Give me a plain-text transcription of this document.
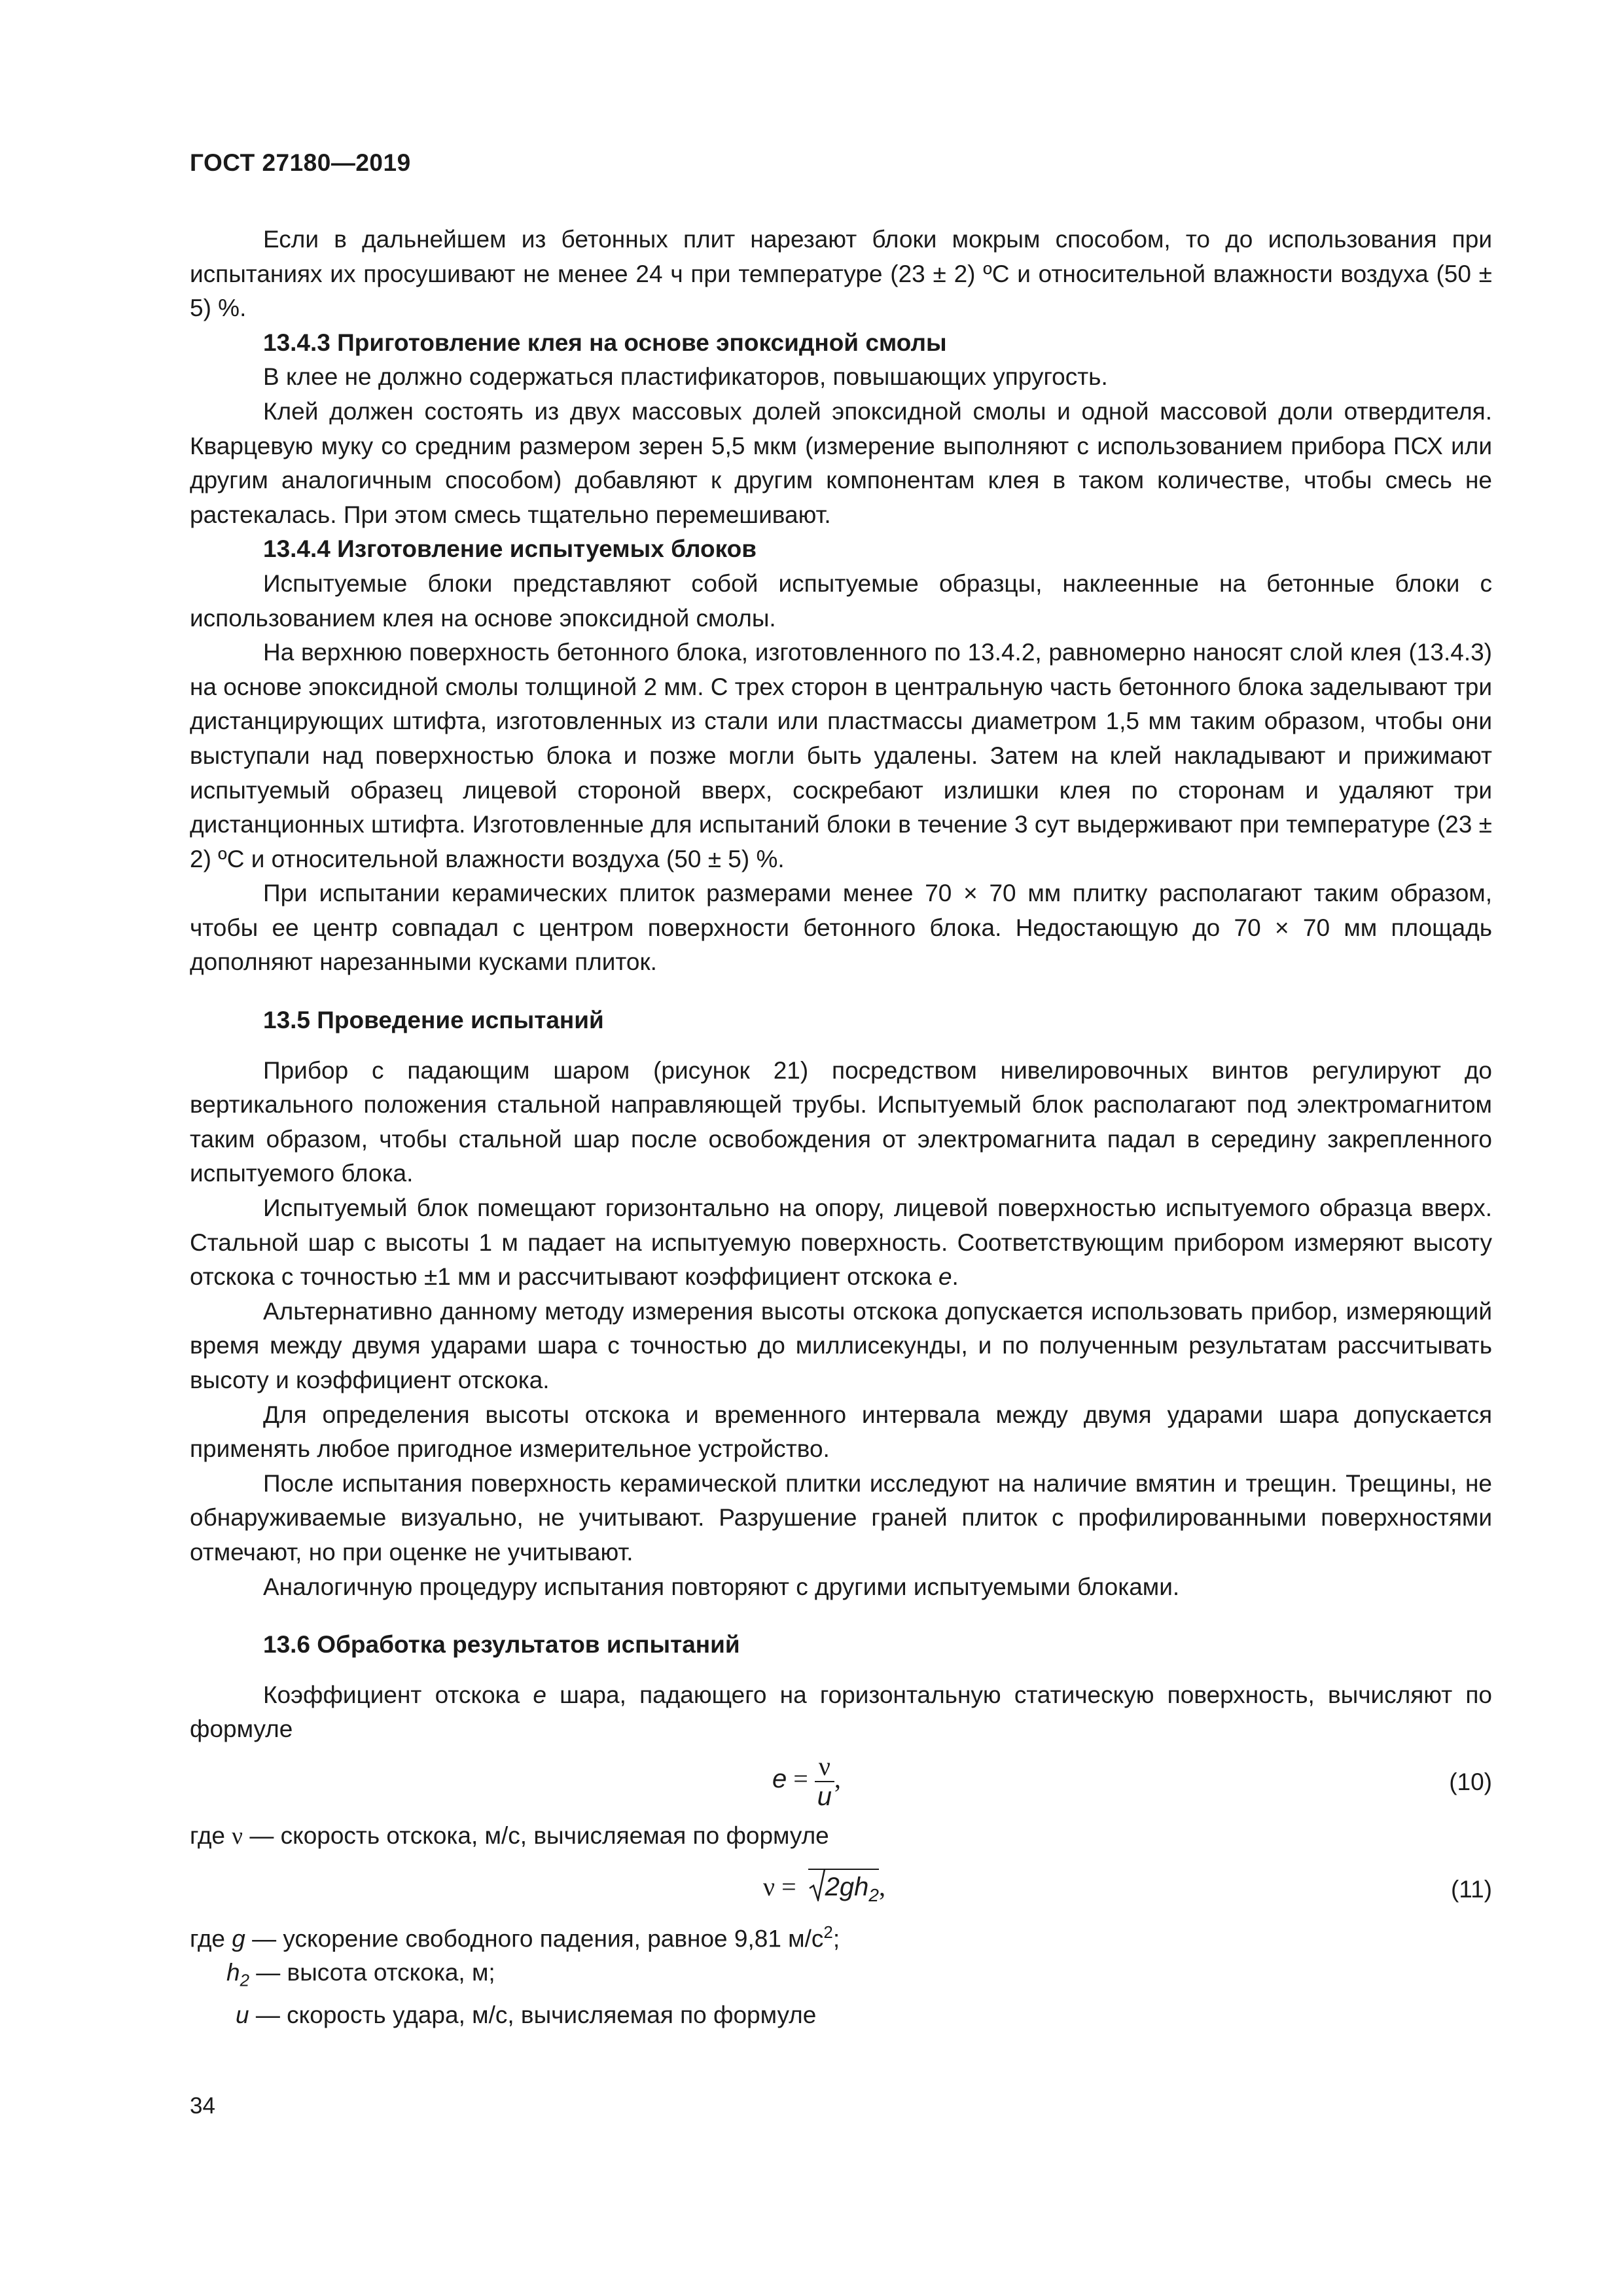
ГОСТ 27180—2019

Если в дальнейшем из бетонных плит нарезают блоки мокрым способом, то до использования при испытаниях их просушивают не менее 24 ч при температуре (23 ± 2) ºС и относительной влажности воздуха (50 ± 5) %.

13.4.3 Приготовление клея на основе эпоксидной смолы

В клее не должно содержаться пластификаторов, повышающих упругость.

Клей должен состоять из двух массовых долей эпоксидной смолы и одной массовой доли отвердителя. Кварцевую муку со средним размером зерен 5,5 мкм (измерение выполняют с использованием прибора ПСХ или другим аналогичным способом) добавляют к другим компонентам клея в таком количестве, чтобы смесь не растекалась. При этом смесь тщательно перемешивают.

13.4.4 Изготовление испытуемых блоков

Испытуемые блоки представляют собой испытуемые образцы, наклеенные на бетонные блоки с использованием клея на основе эпоксидной смолы.

На верхнюю поверхность бетонного блока, изготовленного по 13.4.2, равномерно наносят слой клея (13.4.3) на основе эпоксидной смолы толщиной 2 мм. С трех сторон в центральную часть бетонного блока заделывают три дистанцирующих штифта, изготовленных из стали или пластмассы диаметром 1,5 мм таким образом, чтобы они выступали над поверхностью блока и позже могли быть удалены. Затем на клей накладывают и прижимают испытуемый образец лицевой стороной вверх, соскребают излишки клея по сторонам и удаляют три дистанционных штифта. Изготовленные для испытаний блоки в течение 3 сут выдерживают при температуре (23 ± 2) ºС и относительной влажности воздуха (50 ± 5) %.

При испытании керамических плиток размерами менее 70 × 70 мм плитку располагают таким образом, чтобы ее центр совпадал с центром поверхности бетонного блока. Недостающую до 70 × 70 мм площадь дополняют нарезанными кусками плиток.

13.5 Проведение испытаний

Прибор с падающим шаром (рисунок 21) посредством нивелировочных винтов регулируют до вертикального положения стальной направляющей трубы. Испытуемый блок располагают под электромагнитом таким образом, чтобы стальной шар после освобождения от электромагнита падал в середину закрепленного испытуемого блока.

Испытуемый блок помещают горизонтально на опору, лицевой поверхностью испытуемого образца вверх. Стальной шар с высоты 1 м падает на испытуемую поверхность. Соответствующим прибором измеряют высоту отскока с точностью ±1 мм и рассчитывают коэффициент отскока e.

Альтернативно данному методу измерения высоты отскока допускается использовать прибор, измеряющий время между двумя ударами шара с точностью до миллисекунды, и по полученным результатам рассчитывать высоту и коэффициент отскока.

Для определения высоты отскока и временного интервала между двумя ударами шара допускается применять любое пригодное измерительное устройство.

После испытания поверхность керамической плитки исследуют на наличие вмятин и трещин. Трещины, не обнаруживаемые визуально, не учитывают. Разрушение граней плиток с профилированными поверхностями отмечают, но при оценке не учитывают.

Аналогичную процедуру испытания повторяют с другими испытуемыми блоками.

13.6 Обработка результатов испытаний

Коэффициент отскока e шара, падающего на горизонтальную статическую поверхность, вычисляют по формуле

$e = \frac{\nu}{u}$ ,	(10)

где ν — скорость отскока, м/с, вычисляемая по формуле

$\nu = 2gh_2$,	(11)

где g — ускорение свободного падения, равное 9,81 $м/с^2$;

$h_2$ — высота отскока, м;

u — скорость удара, м/с, вычисляемая по формуле

34
